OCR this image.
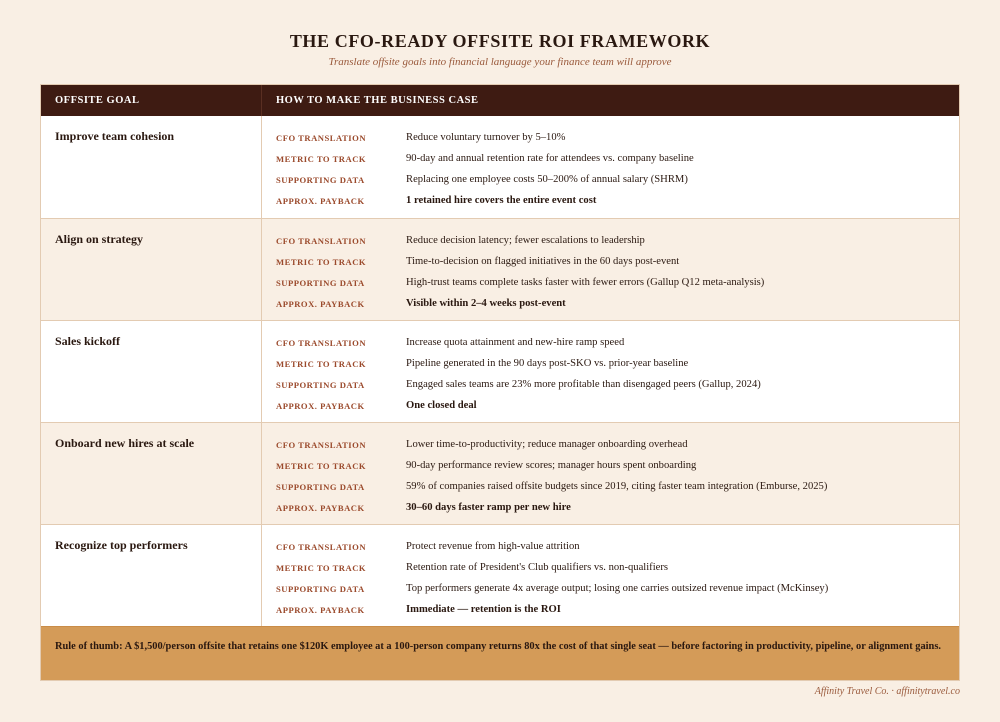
THE CFO-READY OFFSITE ROI FRAMEWORK

Translate offsite goals into financial language your finance team will approve

OFFSITE GOAL	HOW TO MAKE THE BUSINESS CASE
Improve team cohesion	CFO TRANSLATION	Reduce voluntary turnover by 5–10%
METRIC TO TRACK	90-day and annual retention rate for attendees vs. company baseline
SUPPORTING DATA	Replacing one employee costs 50–200% of annual salary (SHRM)
APPROX. PAYBACK	1 retained hire covers the entire event cost
Align on strategy	CFO TRANSLATION	Reduce decision latency; fewer escalations to leadership
METRIC TO TRACK	Time-to-decision on flagged initiatives in the 60 days post-event
SUPPORTING DATA	High-trust teams complete tasks faster with fewer errors (Gallup Q12 meta-analysis)
APPROX. PAYBACK	Visible within 2–4 weeks post-event
Sales kickoff	CFO TRANSLATION	Increase quota attainment and new-hire ramp speed
METRIC TO TRACK	Pipeline generated in the 90 days post-SKO vs. prior-year baseline
SUPPORTING DATA	Engaged sales teams are 23% more profitable than disengaged peers (Gallup, 2024)
APPROX. PAYBACK	One closed deal
Onboard new hires at scale	CFO TRANSLATION	Lower time-to-productivity; reduce manager onboarding overhead
METRIC TO TRACK	90-day performance review scores; manager hours spent onboarding
SUPPORTING DATA	59% of companies raised offsite budgets since 2019, citing faster team integration (Emburse, 2025)
APPROX. PAYBACK	30–60 days faster ramp per new hire
Recognize top performers	CFO TRANSLATION	Protect revenue from high-value attrition
METRIC TO TRACK	Retention rate of President's Club qualifiers vs. non-qualifiers
SUPPORTING DATA	Top performers generate 4x average output; losing one carries outsized revenue impact (McKinsey)
APPROX. PAYBACK	Immediate — retention is the ROI
Rule of thumb: A $1,500/person offsite that retains one $120K employee at a 100-person company returns 80x the cost of that single seat — before factoring in productivity, pipeline, or alignment gains.
Affinity Travel Co. · affinitytravel.co
